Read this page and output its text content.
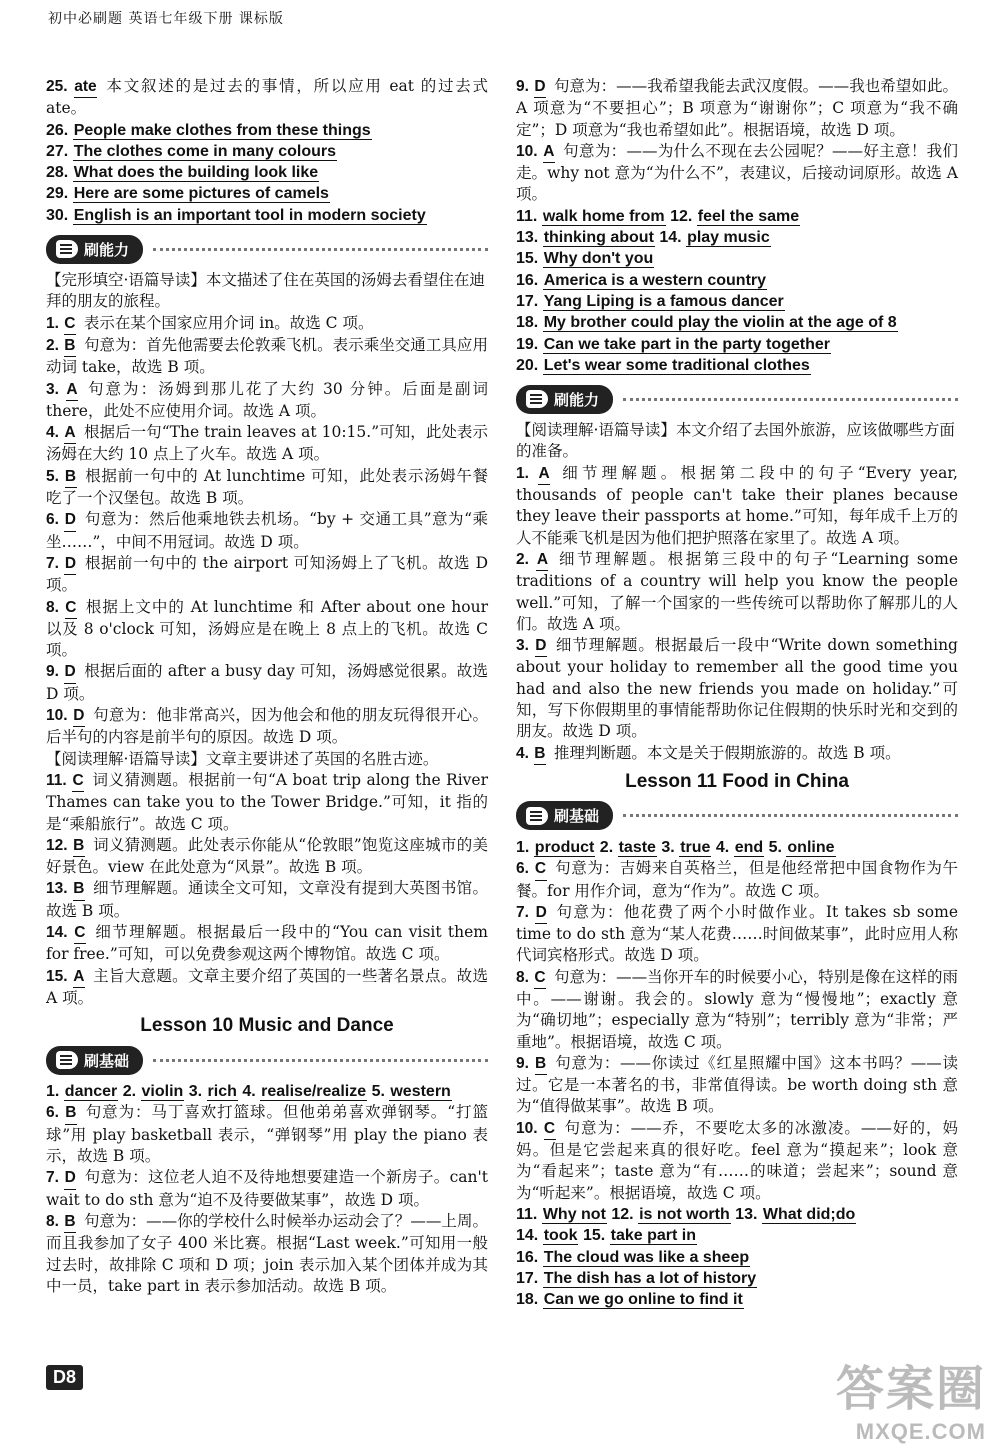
初中必刷题 英语七年级下册 课标版
25. ate 本文叙述的是过去的事情，所以应用 eat 的过去式 ate。
26. People make clothes from these things
27. The clothes come in many colours
28. What does the building look like
29. Here are some pictures of camels
30. English is an important tool in modern society
刷能力
【完形填空·语篇导读】本文描述了住在英国的汤姆去看望住在迪拜的朋友的旅程。
1. C 表示在某个国家应用介词 in。故选 C 项。
2. B 句意为：首先他需要去伦敦乘飞机。表示乘坐交通工具应用动词 take，故选 B 项。
3. A 句意为：汤姆到那儿花了大约 30 分钟。后面是副词 there，此处不应使用介词。故选 A 项。
4. A 根据后一句“The train leaves at 10:15.”可知，此处表示汤姆在大约 10 点上了火车。故选 A 项。
5. B 根据前一句中的 At lunchtime 可知，此处表示汤姆午餐吃了一个汉堡包。故选 B 项。
6. D 句意为：然后他乘地铁去机场。“by + 交通工具”意为“乘坐……”，中间不用冠词。故选 D 项。
7. D 根据前一句中的 the airport 可知汤姆上了飞机。故选 D 项。
8. C 根据上文中的 At lunchtime 和 After about one hour 以及 8 o'clock 可知，汤姆应是在晚上 8 点上的飞机。故选 C 项。
9. D 根据后面的 after a busy day 可知，汤姆感觉很累。故选 D 项。
10. D 句意为：他非常高兴，因为他会和他的朋友玩得很开心。后半句的内容是前半句的原因。故选 D 项。
【阅读理解·语篇导读】文章主要讲述了英国的名胜古迹。
11. C 词义猜测题。根据前一句“A boat trip along the River Thames can take you to the Tower Bridge.”可知，it 指的是“乘船旅行”。故选 C 项。
12. B 词义猜测题。此处表示你能从“伦敦眼”饱览这座城市的美好景色。view 在此处意为“风景”。故选 B 项。
13. B 细节理解题。通读全文可知，文章没有提到大英图书馆。故选 B 项。
14. C 细节理解题。根据最后一段中的“You can visit them for free.”可知，可以免费参观这两个博物馆。故选 C 项。
15. A 主旨大意题。文章主要介绍了英国的一些著名景点。故选 A 项。
Lesson 10 Music and Dance
刷基础
1. dancer 2. violin 3. rich 4. realise/realize 5. western
6. B 句意为：马丁喜欢打篮球。但他弟弟喜欢弹钢琴。“打篮球”用 play basketball 表示，“弹钢琴”用 play the piano 表示，故选 B 项。
7. D 句意为：这位老人迫不及待地想要建造一个新房子。can't wait to do sth 意为“迫不及待要做某事”，故选 D 项。
8. B 句意为：——你的学校什么时候举办运动会了？——上周。而且我参加了女子 400 米比赛。根据“Last week.”可知用一般过去时，故排除 C 项和 D 项；join 表示加入某个团体并成为其中一员，take part in 表示参加活动。故选 B 项。
9. D 句意为：——我希望我能去武汉度假。——我也希望如此。A 项意为“不要担心”；B 项意为“谢谢你”；C 项意为“我不确定”；D 项意为“我也希望如此”。根据语境，故选 D 项。
10. A 句意为：——为什么不现在去公园呢？——好主意！我们走。why not 意为“为什么不”，表建议，后接动词原形。故选 A 项。
11. walk home from 12. feel the same
13. thinking about 14. play music
15. Why don't you
16. America is a western country
17. Yang Liping is a famous dancer
18. My brother could play the violin at the age of 8
19. Can we take part in the party together
20. Let's wear some traditional clothes
刷能力
【阅读理解·语篇导读】本文介绍了去国外旅游，应该做哪些方面的准备。
1. A 细节理解题。根据第二段中的句子“Every year, thousands of people can't take their planes because they leave their passports at home.”可知，每年成千上万的人不能乘飞机是因为他们把护照落在家里了。故选 A 项。
2. A 细节理解题。根据第三段中的句子“Learning some traditions of a country will help you know the people well.”可知，了解一个国家的一些传统可以帮助你了解那儿的人们。故选 A 项。
3. D 细节理解题。根据最后一段中“Write down something about your holiday to remember all the good time you had and also the new friends you made on holiday.”可知，写下你假期里的事情能帮助你记住假期的快乐时光和交到的朋友。故选 D 项。
4. B 推理判断题。本文是关于假期旅游的。故选 B 项。
Lesson 11 Food in China
刷基础
1. product 2. taste 3. true 4. end 5. online
6. C 句意为：吉姆来自英格兰，但是他经常把中国食物作为午餐。for 用作介词，意为“作为”。故选 C 项。
7. D 句意为：他花费了两个小时做作业。It takes sb some time to do sth 意为“某人花费……时间做某事”，此时应用人称代词宾格形式。故选 D 项。
8. C 句意为：——当你开车的时候要小心，特别是像在这样的雨中。——谢谢。我会的。slowly 意为“慢慢地”；exactly 意为“确切地”；especially 意为“特别”；terribly 意为“非常；严重地”。根据语境，故选 C 项。
9. B 句意为：——你读过《红星照耀中国》这本书吗？——读过。它是一本著名的书，非常值得读。be worth doing sth 意为“值得做某事”。故选 B 项。
10. C 句意为：——乔，不要吃太多的冰激凌。——好的，妈妈。但是它尝起来真的很好吃。feel 意为“摸起来”；look 意为“看起来”；taste 意为“有……的味道；尝起来”；sound 意为“听起来”。根据语境，故选 C 项。
11. Why not 12. is not worth 13. What did;do
14. took 15. take part in
16. The cloud was like a sheep
17. The dish has a lot of history
18. Can we go online to find it
D8	答案圈
MXQE.COM
